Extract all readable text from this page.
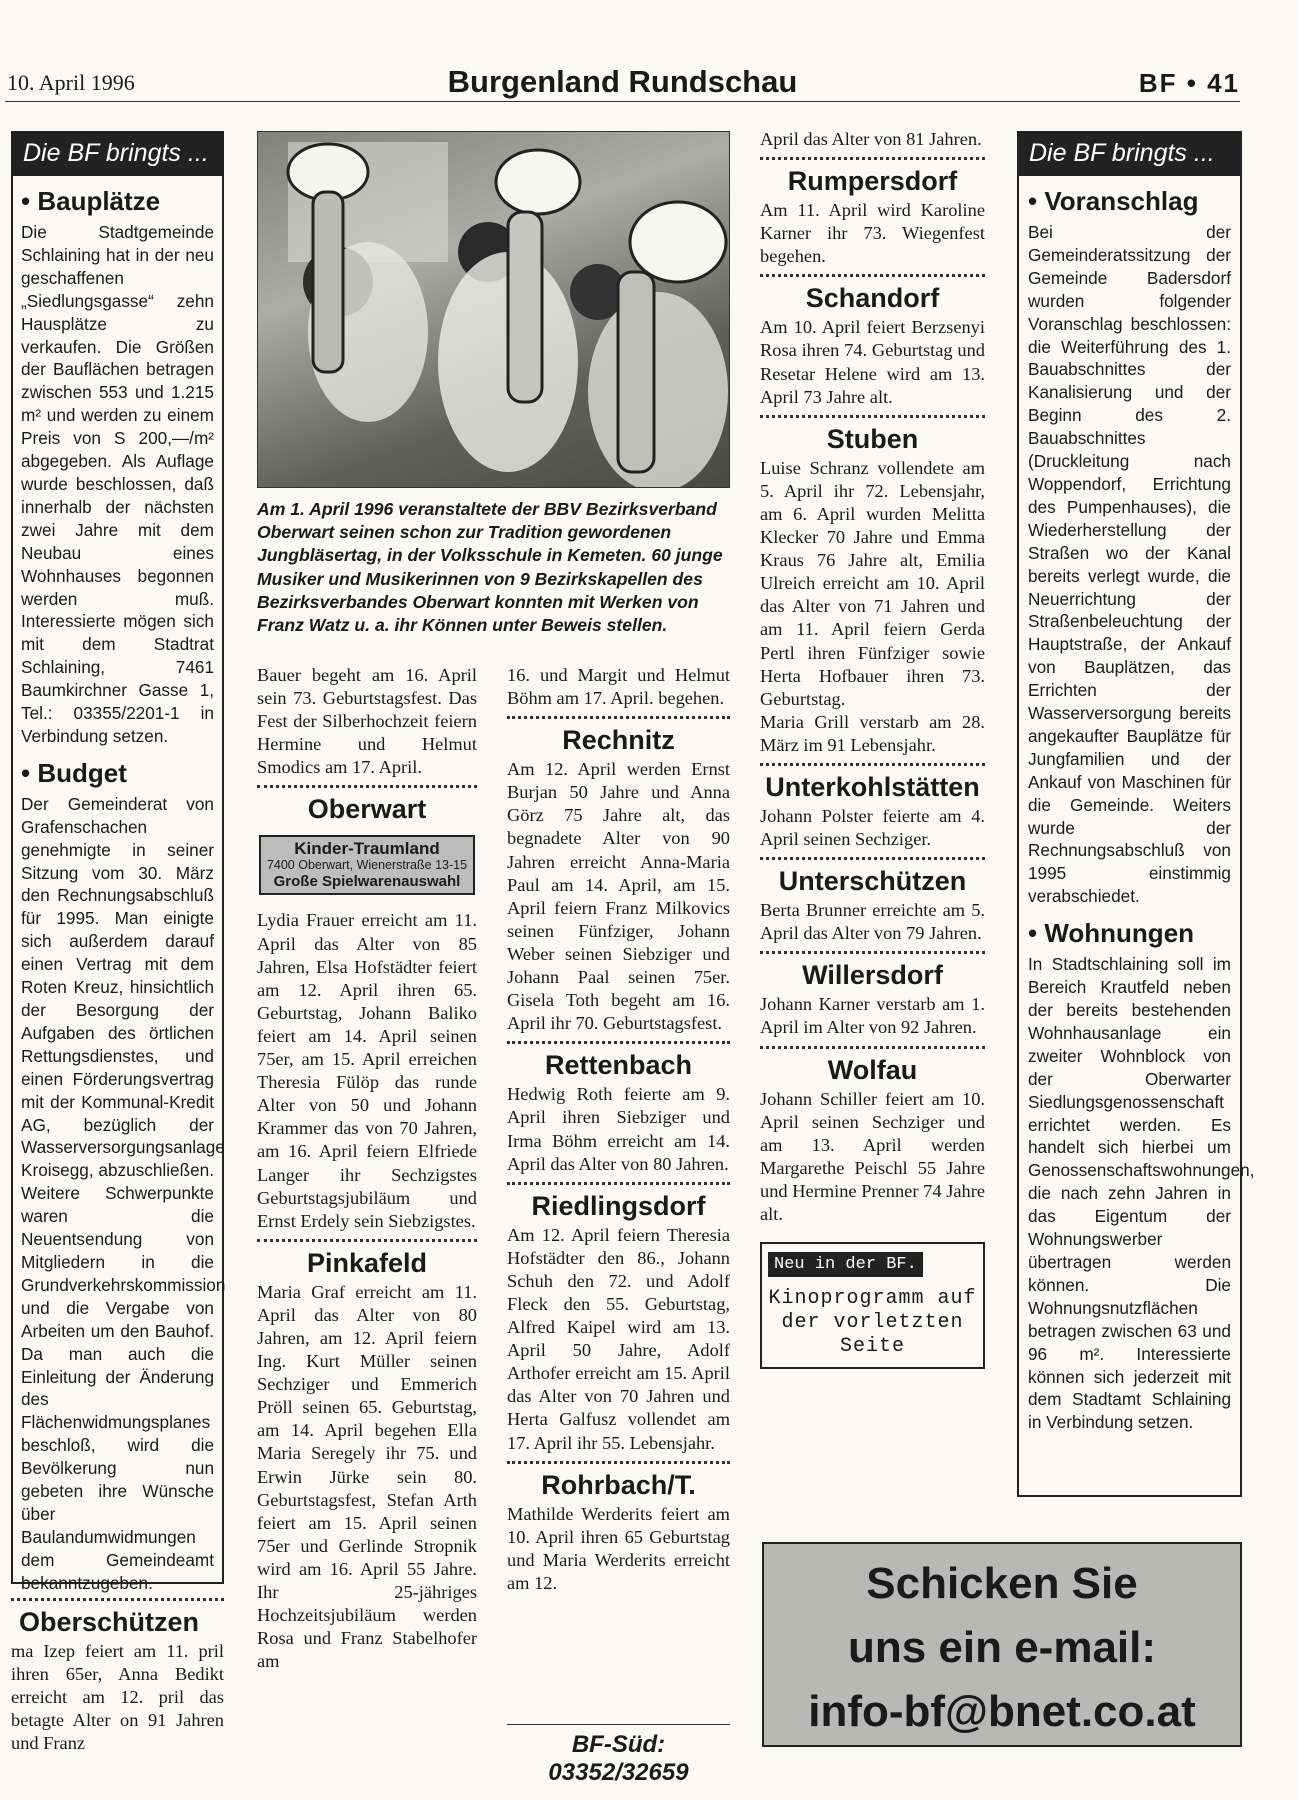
10. April 1996	Burgenland Rundschau	BF • 41
Die BF bringts ...
• Bauplätze

Die Stadtgemeinde Schlaining hat in der neu geschaffenen „Siedlungsgasse“ zehn Hausplätze zu verkaufen. Die Größen der Bauflächen betragen zwischen 553 und 1.215 m² und werden zu einem Preis von S 200,—/m² abgegeben. Als Auflage wurde beschlossen, daß innerhalb der nächsten zwei Jahre mit dem Neubau eines Wohnhauses begonnen werden muß. Interessierte mögen sich mit dem Stadtrat Schlaining, 7461 Baumkirchner Gasse 1, Tel.: 03355/2201-1 in Verbindung setzen.

• Budget

Der Gemeinderat von Grafenschachen genehmigte in seiner Sitzung vom 30. März den Rechnungsabschluß für 1995. Man einigte sich außerdem darauf einen Vertrag mit dem Roten Kreuz, hinsichtlich der Besorgung der Aufgaben des örtlichen Rettungsdienstes, und einen Förderungsvertrag mit der Kommunal-Kredit AG, bezüglich der Wasserversorgungsanlage Kroisegg, abzuschließen. Weitere Schwerpunkte waren die Neuentsendung von Mitgliedern in die Grundverkehrskommission und die Vergabe von Arbeiten um den Bauhof. Da man auch die Einleitung der Änderung des Flächenwidmungsplanes beschloß, wird die Bevölkerung nun gebeten ihre Wünsche über Baulandumwidmungen dem Gemeindeamt bekanntzugeben.

Oberschützen

ma Izep feiert am 11. pril ihren 65er, Anna Bedikt erreicht am 12. pril das betagte Alter on 91 Jahren und Franz

Am 1. April 1996 veranstaltete der BBV Bezirksverband Oberwart seinen schon zur Tradition gewordenen Jungbläsertag, in der Volksschule in Kemeten. 60 junge Musiker und Musikerinnen von 9 Bezirkskapellen des Bezirksverbandes Oberwart konnten mit Werken von Franz Watz u. a. ihr Können unter Beweis stellen.

Bauer begeht am 16. April sein 73. Geburtstagsfest. Das Fest der Silberhochzeit feiern Hermine und Helmut Smodics am 17. April.

Oberwart
Kinder-Traumland
7400 Oberwart, Wienerstraße 13-15
Große Spielwarenauswahl

Lydia Frauer erreicht am 11. April das Alter von 85 Jahren, Elsa Hofstädter feiert am 12. April ihren 65. Geburtstag, Johann Baliko feiert am 14. April seinen 75er, am 15. April erreichen Theresia Fülöp das runde Alter von 50 und Johann Krammer das von 70 Jahren, am 16. April feiern Elfriede Langer ihr Sechzigstes Geburtstagsjubiläum und Ernst Erdely sein Siebzigstes.

Pinkafeld

Maria Graf erreicht am 11. April das Alter von 80 Jahren, am 12. April feiern Ing. Kurt Müller seinen Sechziger und Emmerich Pröll seinen 65. Geburtstag, am 14. April begehen Ella Maria Seregely ihr 75. und Erwin Jürke sein 80. Geburtstagsfest, Stefan Arth feiert am 15. April seinen 75er und Gerlinde Stropnik wird am 16. April 55 Jahre. Ihr 25-jähriges Hochzeitsjubiläum werden Rosa und Franz Stabelhofer am

16. und Margit und Helmut Böhm am 17. April. begehen.

Rechnitz

Am 12. April werden Ernst Burjan 50 Jahre und Anna Görz 75 Jahre alt, das begnadete Alter von 90 Jahren erreicht Anna-Maria Paul am 14. April, am 15. April feiern Franz Milkovics seinen Fünfziger, Johann Weber seinen Siebziger und Johann Paal seinen 75er. Gisela Toth begeht am 16. April ihr 70. Geburtstagsfest.

Rettenbach

Hedwig Roth feierte am 9. April ihren Siebziger und Irma Böhm erreicht am 14. April das Alter von 80 Jahren.

Riedlingsdorf

Am 12. April feiern Theresia Hofstädter den 86., Johann Schuh den 72. und Adolf Fleck den 55. Geburtstag, Alfred Kaipel wird am 13. April 50 Jahre, Adolf Arthofer erreicht am 15. April das Alter von 70 Jahren und Herta Galfusz vollendet am 17. April ihr 55. Lebensjahr.

Rohrbach/T.

Mathilde Werderits feiert am 10. April ihren 65 Geburtstag und Maria Werderits erreicht am 12.

BF-Süd: 03352/32659

April das Alter von 81 Jahren.

Rumpersdorf

Am 11. April wird Karoline Karner ihr 73. Wiegenfest begehen.

Schandorf

Am 10. April feiert Berzsenyi Rosa ihren 74. Geburtstag und Resetar Helene wird am 13. April 73 Jahre alt.

Stuben

Luise Schranz vollendete am 5. April ihr 72. Lebensjahr, am 6. April wurden Melitta Klecker 70 Jahre und Emma Kraus 76 Jahre alt, Emilia Ulreich erreicht am 10. April das Alter von 71 Jahren und am 11. April feiern Gerda Pertl ihren Fünfziger sowie Herta Hofbauer ihren 73. Geburtstag.

Maria Grill verstarb am 28. März im 91 Lebensjahr.

Unterkohlstätten

Johann Polster feierte am 4. April seinen Sechziger.

Unterschützen

Berta Brunner erreichte am 5. April das Alter von 79 Jahren.

Willersdorf

Johann Karner verstarb am 1. April im Alter von 92 Jahren.

Wolfau

Johann Schiller feiert am 10. April seinen Sechziger und am 13. April werden Margarethe Peischl 55 Jahre und Hermine Prenner 74 Jahre alt.

Neu in der BF.
Kinoprogramm auf der vorletzten Seite
Die BF bringts ...
• Voranschlag

Bei der Gemeinderatssitzung der Gemeinde Badersdorf wurden folgender Voranschlag beschlossen: die Weiterführung des 1. Bauabschnittes der Kanalisierung und der Beginn des 2. Bauabschnittes (Druckleitung nach Woppendorf, Errichtung des Pumpenhauses), die Wiederherstellung der Straßen wo der Kanal bereits verlegt wurde, die Neuerrichtung der Straßenbeleuchtung der Hauptstraße, der Ankauf von Bauplätzen, das Errichten der Wasserversorgung bereits angekaufter Bauplätze für Jungfamilien und der Ankauf von Maschinen für die Gemeinde. Weiters wurde der Rechnungsabschluß von 1995 einstimmig verabschiedet.

• Wohnungen

In Stadtschlaining soll im Bereich Krautfeld neben der bereits bestehenden Wohnhausanlage ein zweiter Wohnblock von der Oberwarter Siedlungsgenossenschaft errichtet werden. Es handelt sich hierbei um Genossenschaftswohnungen, die nach zehn Jahren in das Eigentum der Wohnungswerber übertragen werden können. Die Wohnungsnutzflächen betragen zwischen 63 und 96 m². Interessierte können sich jederzeit mit dem Stadtamt Schlaining in Verbindung setzen.

Schicken Sie
uns ein e-mail:
info-bf@bnet.co.at
